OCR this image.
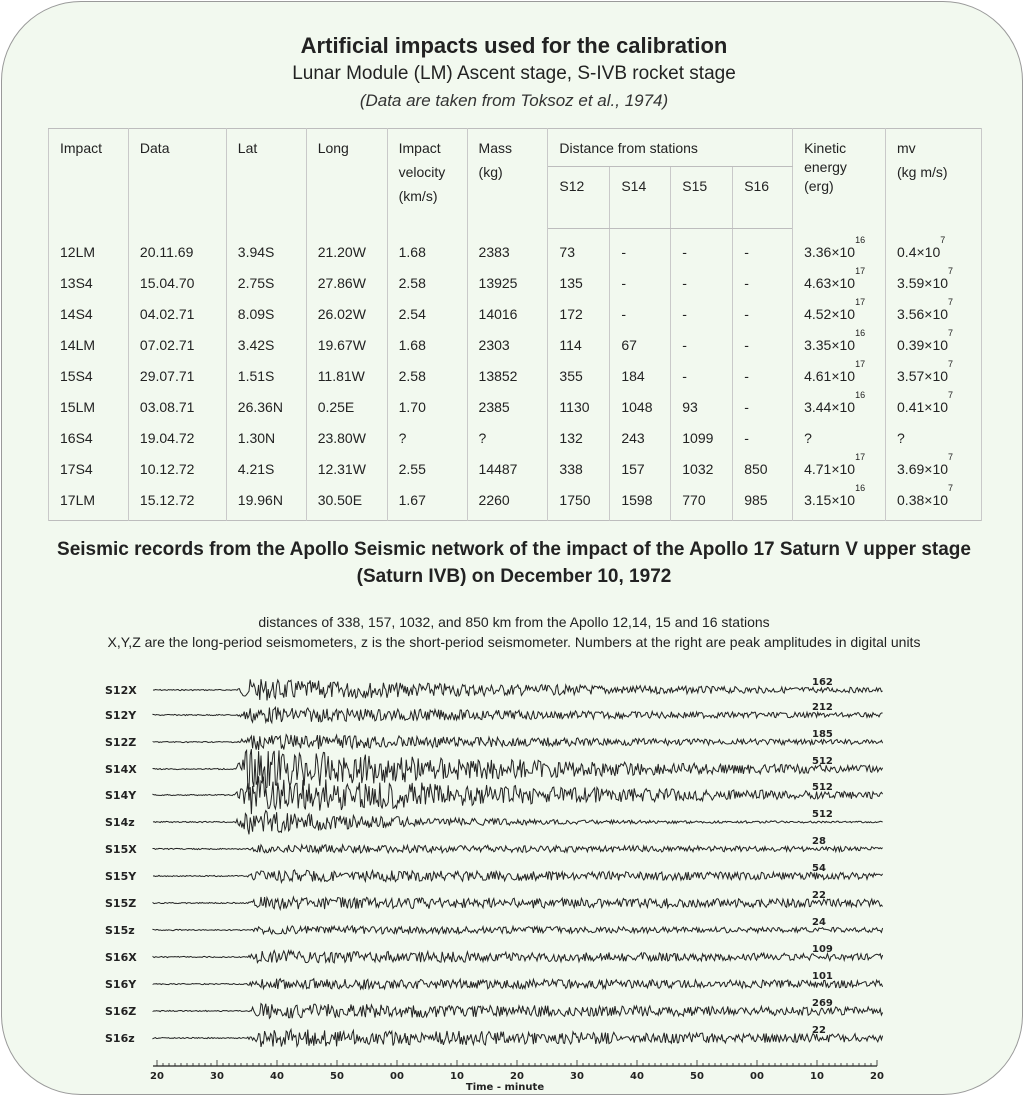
Artificial impacts used for the calibration
Lunar Module (LM) Ascent stage, S-IVB rocket stage
(Data are taken from Toksoz et al., 1974)
Impact	Data	Lat	Long	Impact
velocity
(km/s)	Mass
(kg)	Distance from stations				Kinetic
energy
(erg)	mv
(kg m/s)

						S12	S14	S15	S16		

12LM	20.11.69	3.94S	21.20W	1.68	2383	73	-	-	-	$3.36\times 10^{16}$	$0.4\times 10^7$
13S4	15.04.70	2.75S	27.86W	2.58	13925	135	-	-	-	$4.63\times 10^{17}$	$3.59\times 10^7$
14S4	04.02.71	8.09S	26.02W	2.54	14016	172	-	-	-	$4.52\times 10^{17}$	$3.56\times 10^7$
14LM	07.02.71	3.42S	19.67W	1.68	2303	114	67	-	-	$3.35\times 10^{16}$	$0.39\times 10^7$
15S4	29.07.71	1.51S	11.81W	2.58	13852	355	184	-	-	$4.61\times 10^{17}$	$3.57\times 10^7$
15LM	03.08.71	26.36N	0.25E	1.70	2385	1130	1048	93	-	$3.44\times 10^{16}$	$0.41\times 10^7$
16S4	19.04.72	1.30N	23.80W	?	?	132	243	1099	-	?	?
17S4	10.12.72	4.21S	12.31W	2.55	14487	338	157	1032	850	$4.71\times 10^{17}$	$3.69\times 10^7$
17LM	15.12.72	19.96N	30.50E	1.67	2260	1750	1598	770	985	$3.15\times 10^{16}$	$0.38\times 10^7$
Seismic records from the Apollo Seismic network of the impact of the Apollo 17 Saturn V upper stage
(Saturn IVB) on December 10, 1972
distances of 338, 157, 1032, and 850 km from the Apollo 12,14, 15 and 16 stations
X,Y,Z are the long-period seismometers, z is the short-period seismometer. Numbers at the right are peak amplitudes in digital units
S12X
162
S12Y
212
S12Z
185
S14X
512
S14Y
512
S14z
512
S15X
28
S15Y
54
S15Z
22
S15z
24
S16X
109
S16Y
101
S16Z
269
S16z
22
20	30	40	50	00	10	20	30	40	50	00	10	20
Time - minute
